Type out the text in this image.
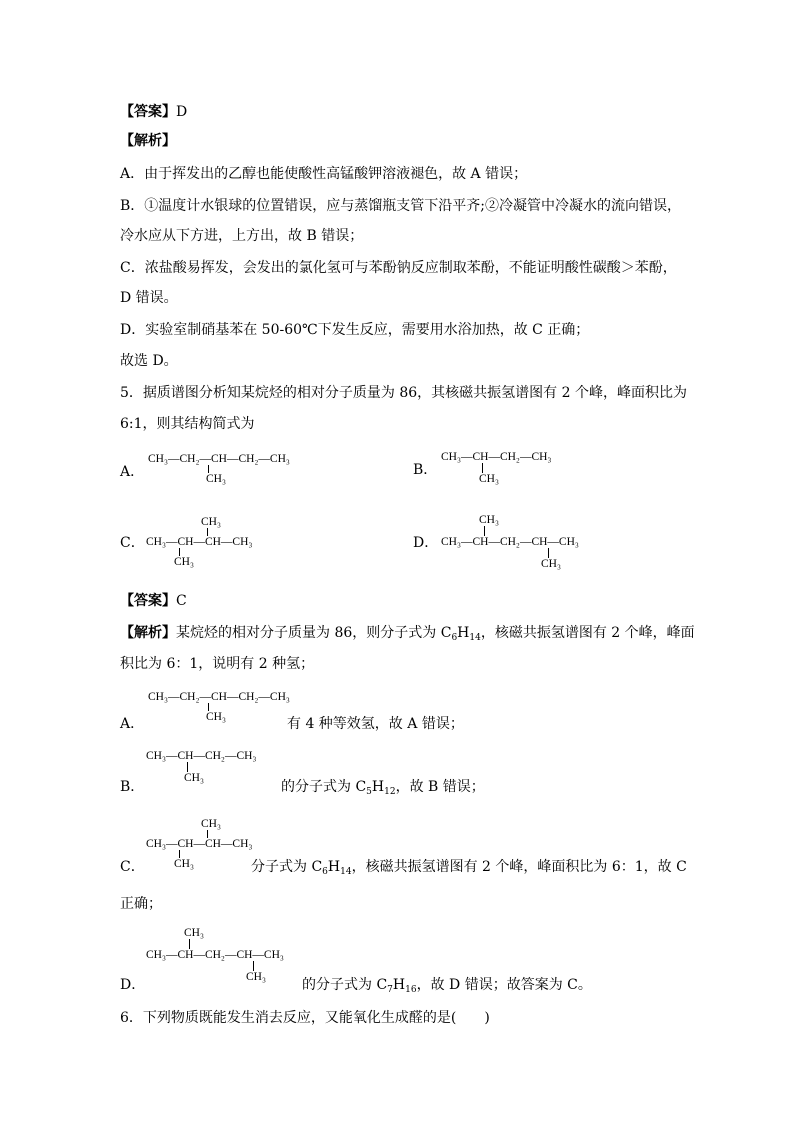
【答案】D
【解析】
A．由于挥发出的乙醇也能使酸性高锰酸钾溶液褪色，故 A 错误；
B．①温度计水银球的位置错误，应与蒸馏瓶支管下沿平齐;②冷凝管中冷凝水的流向错误，
冷水应从下方进，上方出，故 B 错误；
C．浓盐酸易挥发，会发出的氯化氢可与苯酚钠反应制取苯酚，不能证明酸性碳酸＞苯酚，
D 错误。
D．实验室制硝基苯在 50-60℃下发生反应，需要用水浴加热，故 C 正确；
故选 D。
5．据质谱图分析知某烷烃的相对分子质量为 86，其核磁共振氢谱图有 2 个峰，峰面积比为
6:1，则其结构简式为
A．
CH₃—CH₂—CH—CH₂—CH₃
CH₃
B．
CH₃—CH—CH₂—CH₃
CH₃
C．
CH₃
CH₃—CH—CH—CH₃
CH₃
D．
CH₃
CH₃—CH—CH₂—CH—CH₃
CH₃
【答案】C
【解析】某烷烃的相对分子质量为 86，则分子式为 $C_6H_{14}$，核磁共振氢谱图有 2 个峰，峰面
积比为 6：1，说明有 2 种氢；
CH₃—CH₂—CH—CH₂—CH₃
CH₃
A．	有 4 种等效氢，故 A 错误；
CH₃—CH—CH₂—CH₃
CH₃
B．	的分子式为 $C_5H_{12}$，故 B 错误；
CH₃
CH₃—CH—CH—CH₃
CH₃
C．	分子式为 $C_6H_{14}$，核磁共振氢谱图有 2 个峰，峰面积比为 6：1，故 C
正确；
CH₃
CH₃—CH—CH₂—CH—CH₃
CH₃
D．	的分子式为 $C_7H_{16}$，故 D 错误；故答案为 C。
6．下列物质既能发生消去反应，又能氧化生成醛的是(　　)
